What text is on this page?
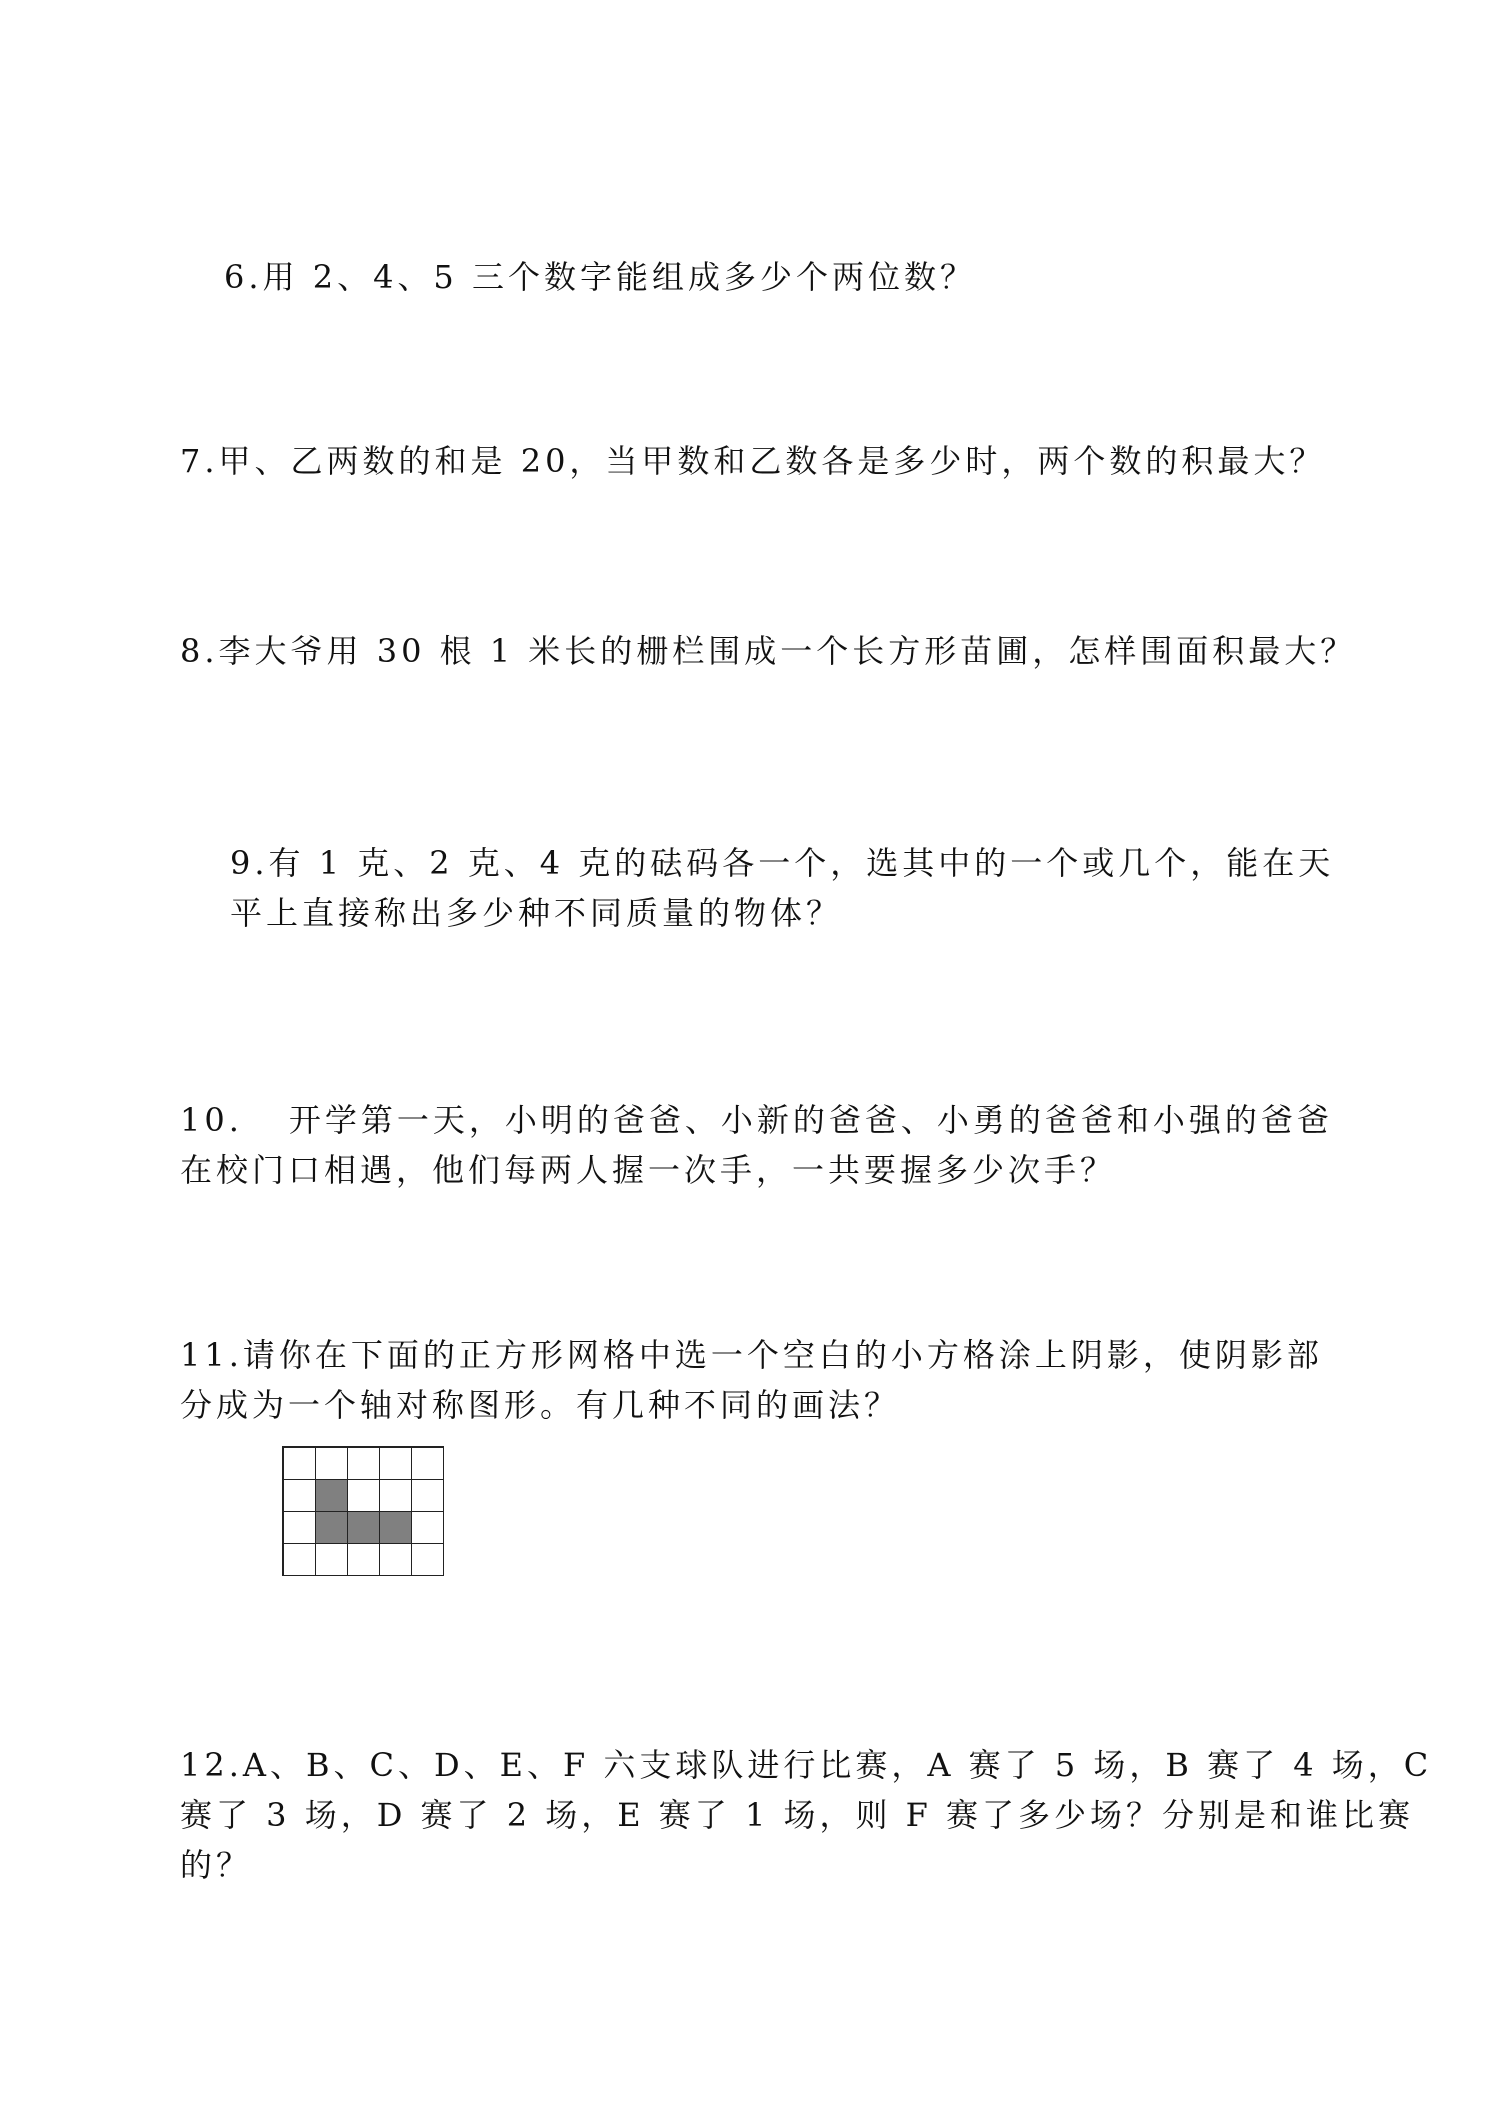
6.用 2、4、5 三个数字能组成多少个两位数？

7.甲、乙两数的和是 20，当甲数和乙数各是多少时，两个数的积最大？

8.李大爷用 30 根 1 米长的栅栏围成一个长方形苗圃，怎样围面积最大？

9.有 1 克、2 克、4 克的砝码各一个，选其中的一个或几个，能在天
平上直接称出多少种不同质量的物体？
10. 开学第一天，小明的爸爸、小新的爸爸、小勇的爸爸和小强的爸爸
在校门口相遇，他们每两人握一次手，一共要握多少次手？
11.请你在下面的正方形网格中选一个空白的小方格涂上阴影，使阴影部
分成为一个轴对称图形。有几种不同的画法？
12.A、B、C、D、E、F 六支球队进行比赛，A 赛了 5 场，B 赛了 4 场，C
赛了 3 场，D 赛了 2 场，E 赛了 1 场，则 F 赛了多少场？分别是和谁比赛
的？
